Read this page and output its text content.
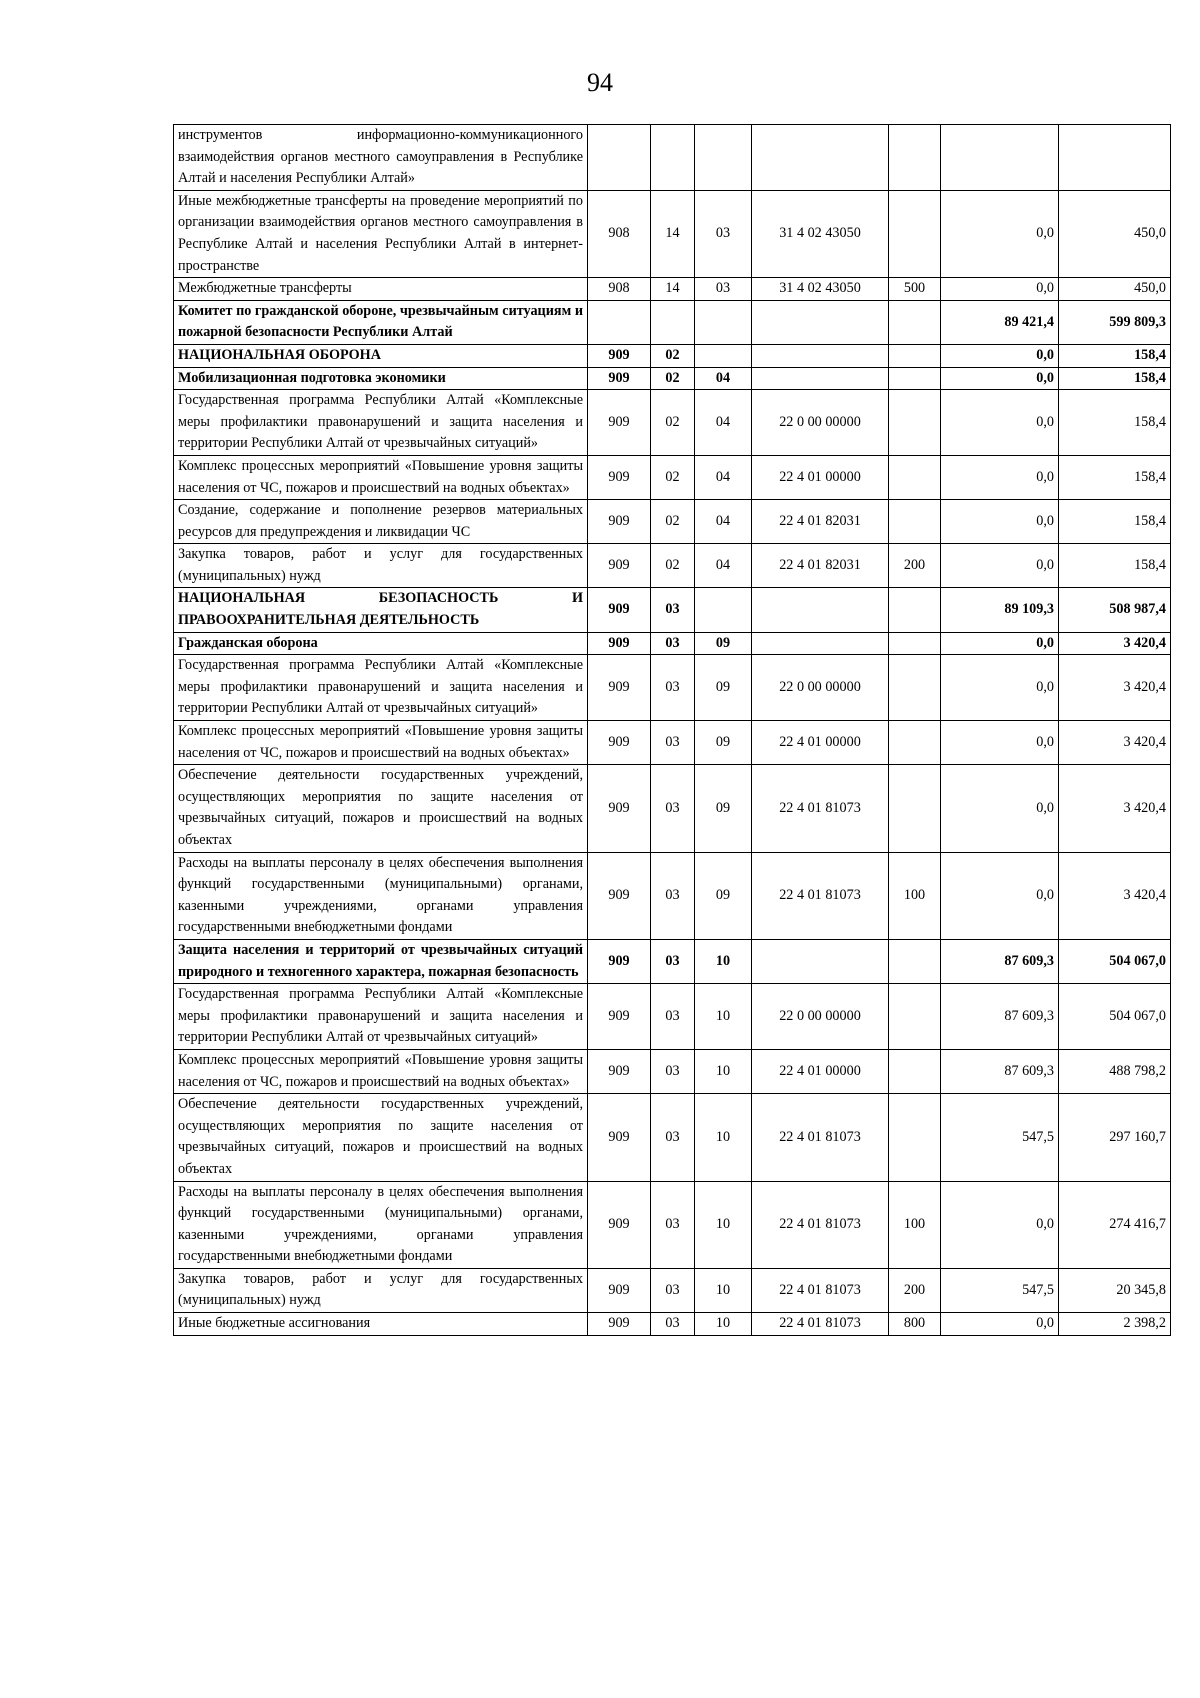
94
инструментов информационно-коммуникационного взаимодействия органов местного самоуправления в Республике Алтай и населения Республики Алтай»							
Иные межбюджетные трансферты на проведение мероприятий по организации взаимодействия органов местного самоуправления в Республике Алтай и населения Республики Алтай в интернет-пространстве	908	14	03	31 4 02 43050		0,0	450,0
Межбюджетные трансферты	908	14	03	31 4 02 43050	500	0,0	450,0
Комитет по гражданской обороне, чрезвычайным ситуациям и пожарной безопасности Республики Алтай						89 421,4	599 809,3
НАЦИОНАЛЬНАЯ ОБОРОНА	909	02				0,0	158,4
Мобилизационная подготовка экономики	909	02	04			0,0	158,4
Государственная программа Республики Алтай «Комплексные меры профилактики правонарушений и защита населения и территории Республики Алтай от чрезвычайных ситуаций»	909	02	04	22 0 00 00000		0,0	158,4
Комплекс процессных мероприятий «Повышение уровня защиты населения от ЧС, пожаров и происшествий на водных объектах»	909	02	04	22 4 01 00000		0,0	158,4
Создание, содержание и пополнение резервов материальных ресурсов для предупреждения и ликвидации ЧС	909	02	04	22 4 01 82031		0,0	158,4
Закупка товаров, работ и услуг для государственных (муниципальных) нужд	909	02	04	22 4 01 82031	200	0,0	158,4
НАЦИОНАЛЬНАЯ БЕЗОПАСНОСТЬ И ПРАВООХРАНИТЕЛЬНАЯ ДЕЯТЕЛЬНОСТЬ	909	03				89 109,3	508 987,4
Гражданская оборона	909	03	09			0,0	3 420,4
Государственная программа Республики Алтай «Комплексные меры профилактики правонарушений и защита населения и территории Республики Алтай от чрезвычайных ситуаций»	909	03	09	22 0 00 00000		0,0	3 420,4
Комплекс процессных мероприятий «Повышение уровня защиты населения от ЧС, пожаров и происшествий на водных объектах»	909	03	09	22 4 01 00000		0,0	3 420,4
Обеспечение деятельности государственных учреждений, осуществляющих мероприятия по защите населения от чрезвычайных ситуаций, пожаров и происшествий на водных объектах	909	03	09	22 4 01 81073		0,0	3 420,4
Расходы на выплаты персоналу в целях обеспечения выполнения функций государственными (муниципальными) органами, казенными учреждениями, органами управления государственными внебюджетными фондами	909	03	09	22 4 01 81073	100	0,0	3 420,4
Защита населения и территорий от чрезвычайных ситуаций природного и техногенного характера, пожарная безопасность	909	03	10			87 609,3	504 067,0
Государственная программа Республики Алтай «Комплексные меры профилактики правонарушений и защита населения и территории Республики Алтай от чрезвычайных ситуаций»	909	03	10	22 0 00 00000		87 609,3	504 067,0
Комплекс процессных мероприятий «Повышение уровня защиты населения от ЧС, пожаров и происшествий на водных объектах»	909	03	10	22 4 01 00000		87 609,3	488 798,2
Обеспечение деятельности государственных учреждений, осуществляющих мероприятия по защите населения от чрезвычайных ситуаций, пожаров и происшествий на водных объектах	909	03	10	22 4 01 81073		547,5	297 160,7
Расходы на выплаты персоналу в целях обеспечения выполнения функций государственными (муниципальными) органами, казенными учреждениями, органами управления государственными внебюджетными фондами	909	03	10	22 4 01 81073	100	0,0	274 416,7
Закупка товаров, работ и услуг для государственных (муниципальных) нужд	909	03	10	22 4 01 81073	200	547,5	20 345,8
Иные бюджетные ассигнования	909	03	10	22 4 01 81073	800	0,0	2 398,2
